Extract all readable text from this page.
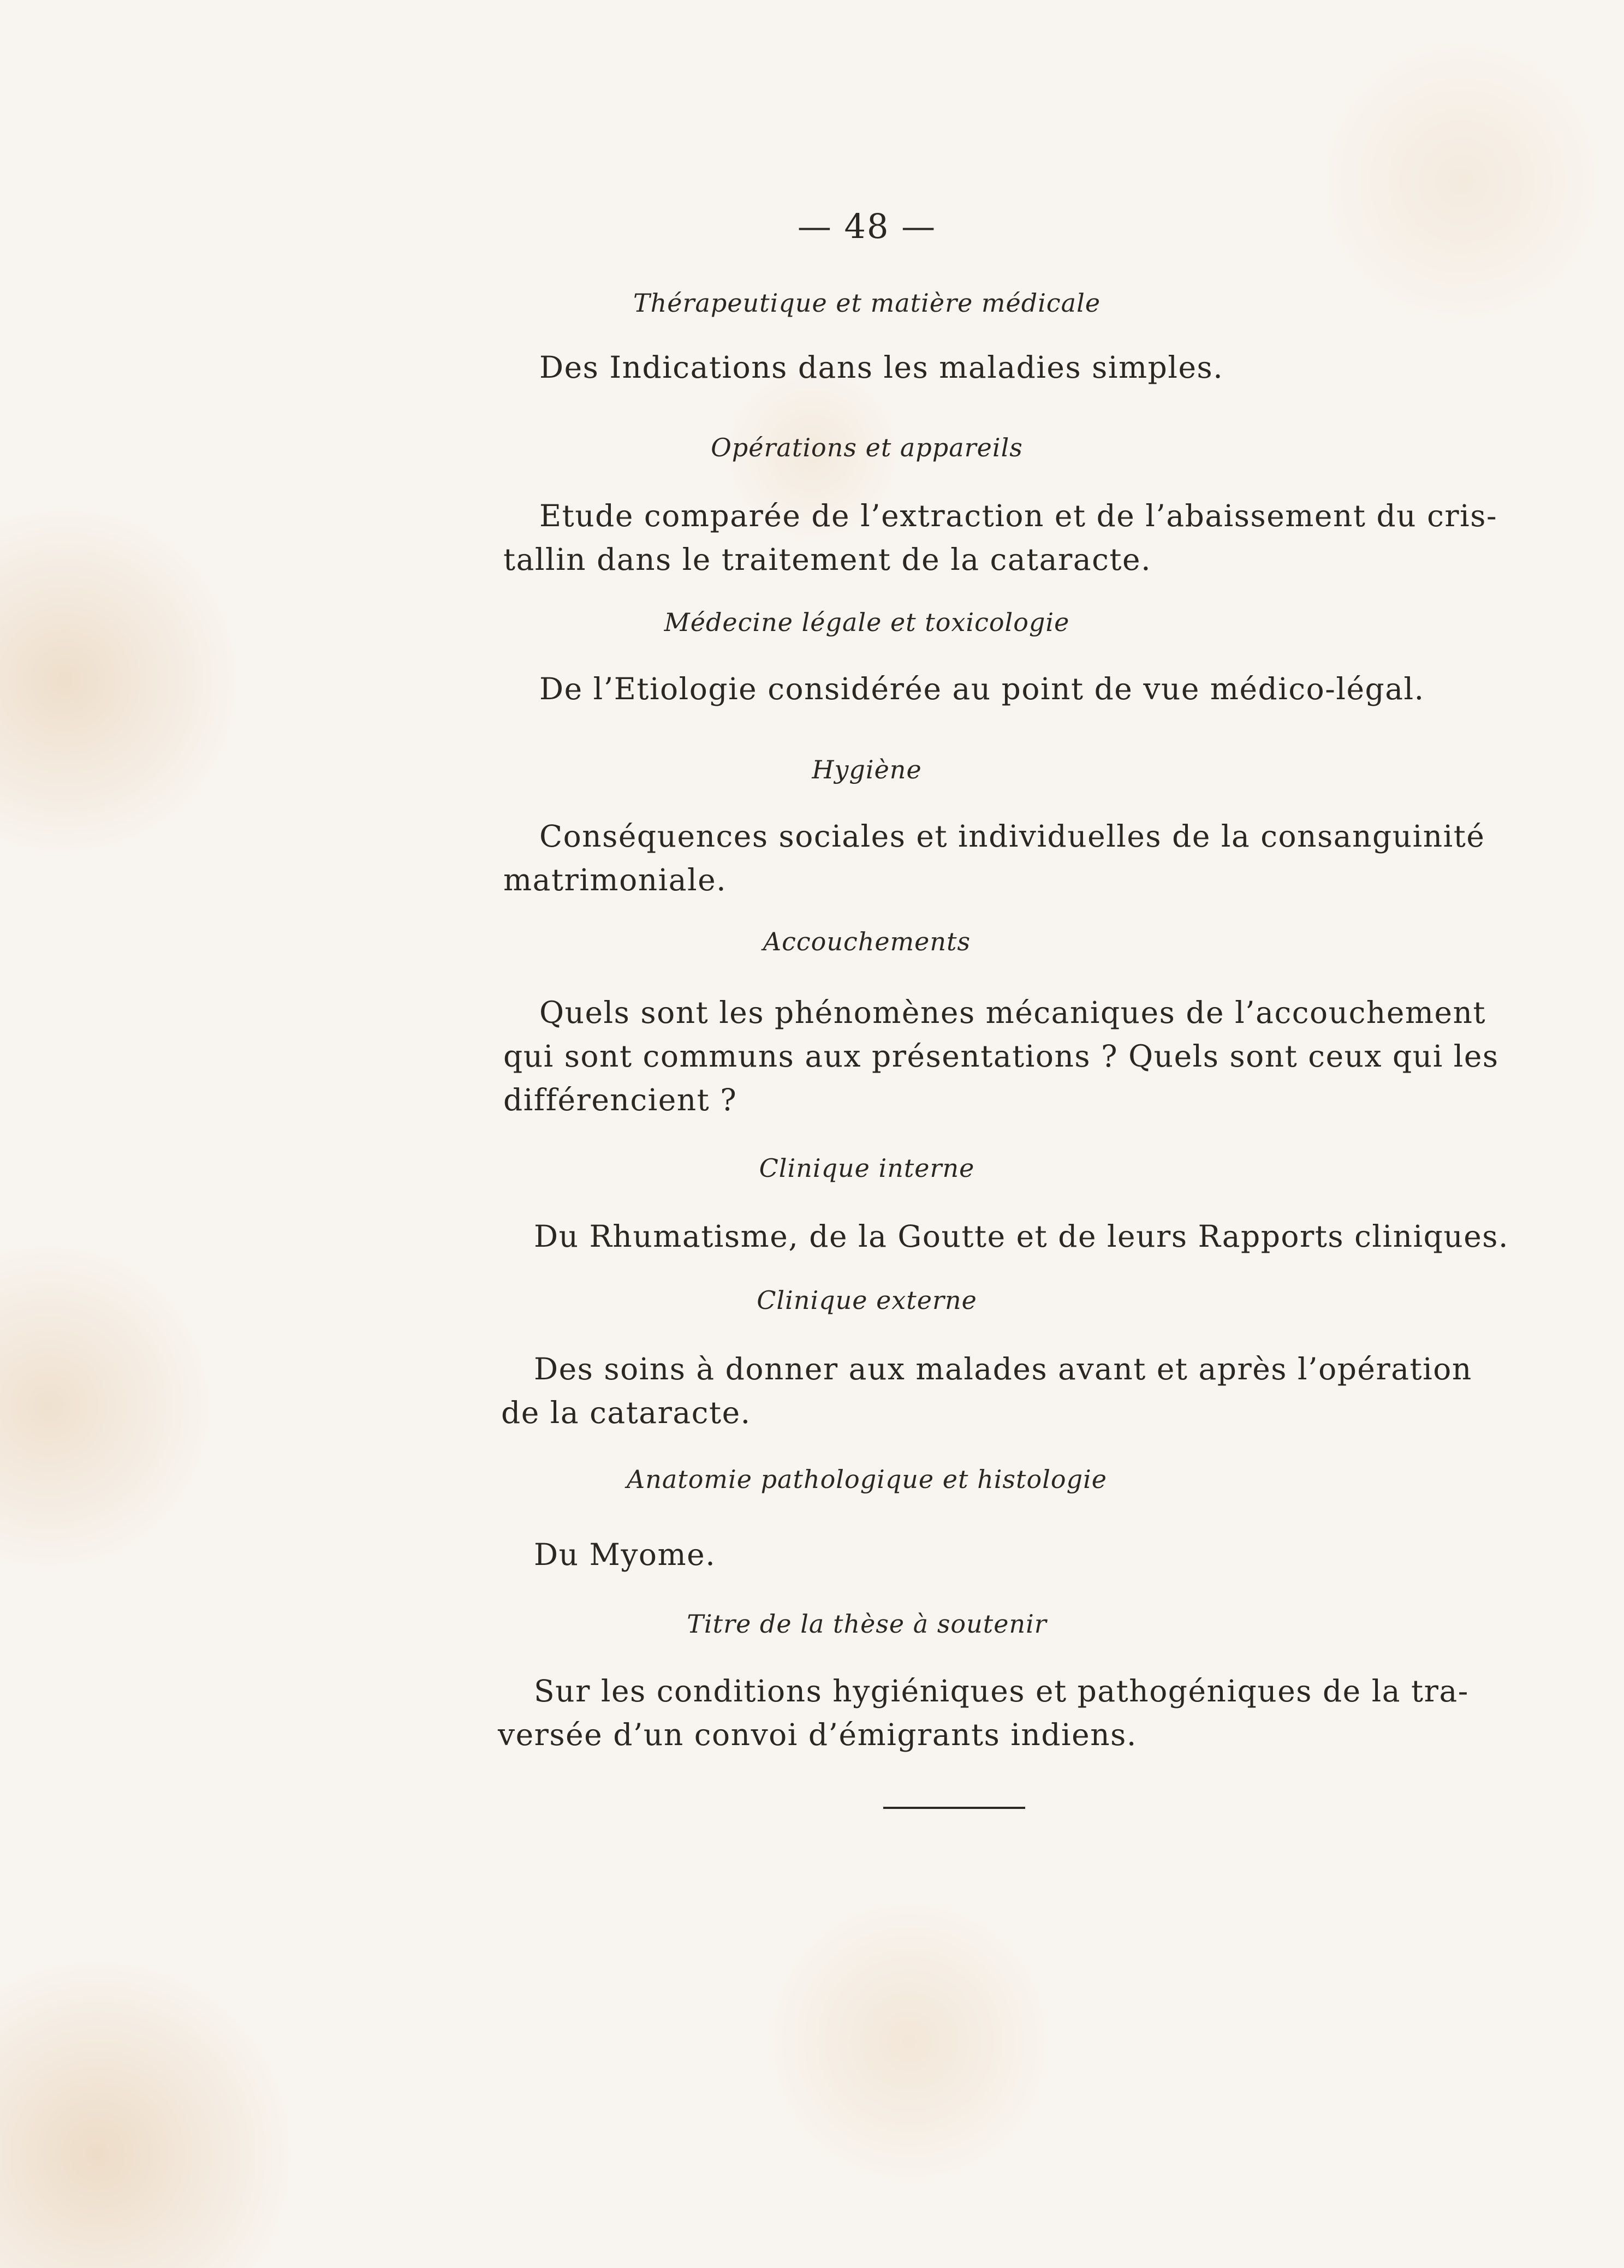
— 48 —
Thérapeutique et matière médicale
Des Indications dans les maladies simples.
Opérations et appareils
Etude comparée de l’extraction et de l’abaissement du cris-
tallin dans le traitement de la cataracte.
Médecine légale et toxicologie
De l’Etiologie considérée au point de vue médico-légal.
Hygiène
Conséquences sociales et individuelles de la consanguinité
matrimoniale.
Accouchements
Quels sont les phénomènes mécaniques de l’accouchement
qui sont communs aux présentations ? Quels sont ceux qui les
différencient ?
Clinique interne
Du Rhumatisme, de la Goutte et de leurs Rapports cliniques.
Clinique externe
Des soins à donner aux malades avant et après l’opération
de la cataracte.
Anatomie pathologique et histologie
Du Myome.
Titre de la thèse à soutenir
Sur les conditions hygiéniques et pathogéniques de la tra-
versée d’un convoi d’émigrants indiens.
